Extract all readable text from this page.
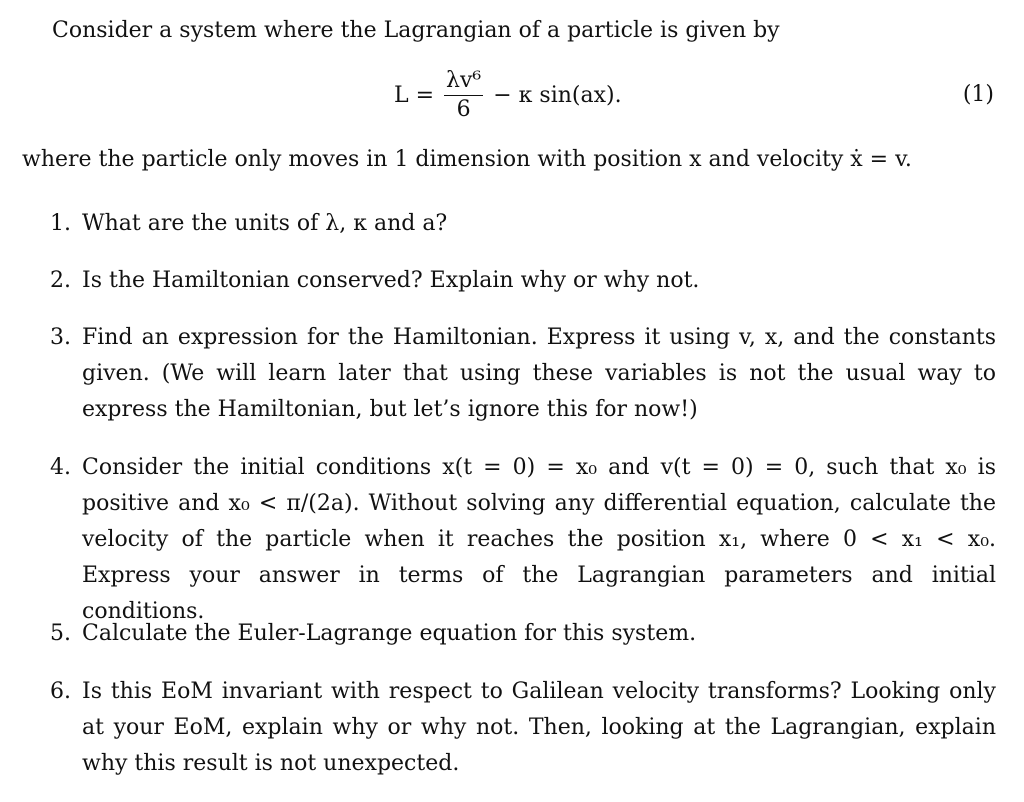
Consider a system where the Lagrangian of a particle is given by
$L = \frac{\text{λv⁶}}{6} - \kappa$ sin(ax).	(1)
where the particle only moves in 1 dimension with position x and velocity ẋ = v.
1. What are the units of λ, κ and a?
2. Is the Hamiltonian conserved? Explain why or why not.
3. Find an expression for the Hamiltonian. Express it using v, x, and the constants given. (We will learn later that using these variables is not the usual way to express the Hamiltonian, but let’s ignore this for now!)
4. Consider the initial conditions x(t = 0) = x₀ and v(t = 0) = 0, such that x₀ is positive and x₀ < π/(2a). Without solving any differential equation, calculate the velocity of the particle when it reaches the position x₁, where 0 < x₁ < x₀. Express your answer in terms of the Lagrangian parameters and initial conditions.
5. Calculate the Euler-Lagrange equation for this system.
6. Is this EoM invariant with respect to Galilean velocity transforms? Looking only at your EoM, explain why or why not. Then, looking at the Lagrangian, explain why this result is not unexpected.
